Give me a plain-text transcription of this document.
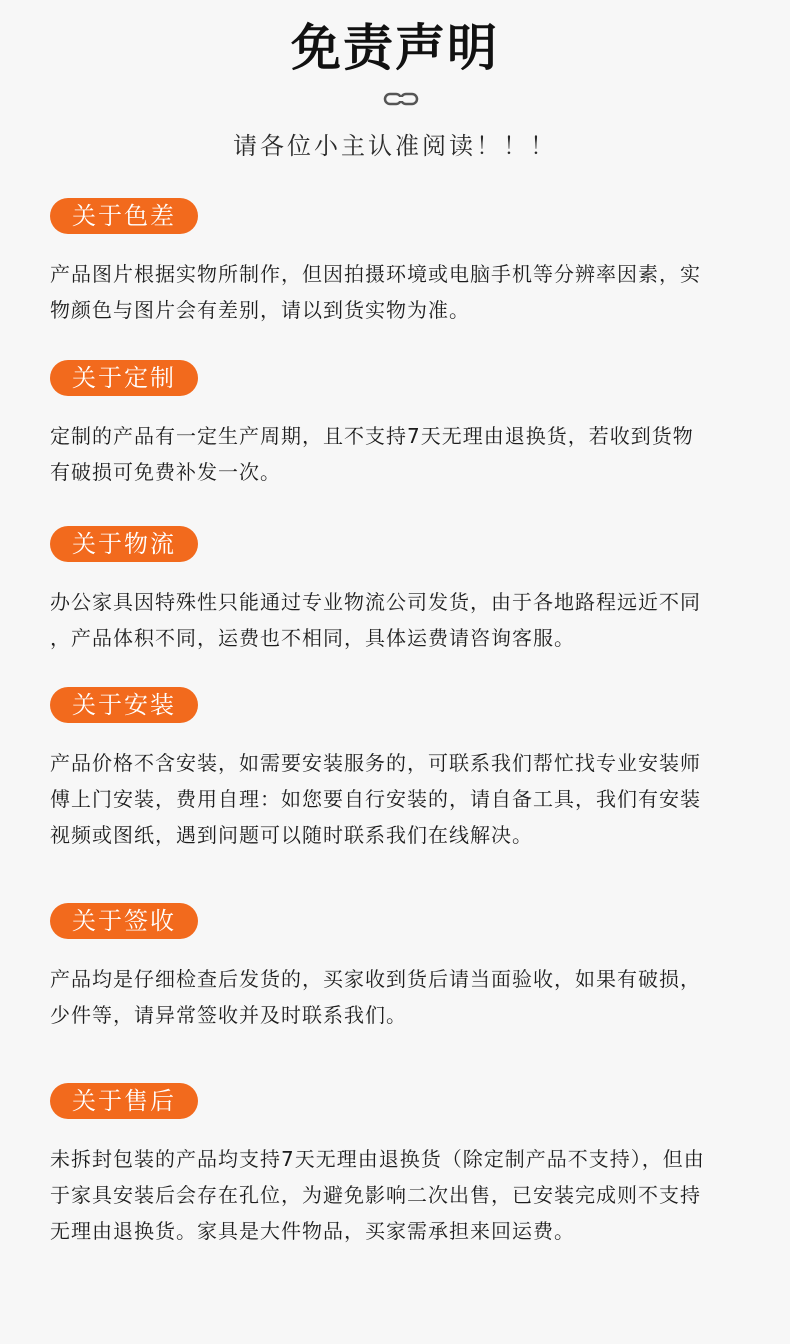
免责声明
请各位小主认准阅读！！！
关于色差

产品图片根据实物所制作，但因拍摄环境或电脑手机等分辨率因素，实
物颜色与图片会有差别，请以到货实物为准。

关于定制

定制的产品有一定生产周期，且不支持7天无理由退换货，若收到货物
有破损可免费补发一次。

关于物流

办公家具因特殊性只能通过专业物流公司发货，由于各地路程远近不同
，产品体积不同，运费也不相同，具体运费请咨询客服。

关于安装

产品价格不含安装，如需要安装服务的，可联系我们帮忙找专业安装师
傅上门安装，费用自理：如您要自行安装的，请自备工具，我们有安装
视频或图纸，遇到问题可以随时联系我们在线解决。

关于签收

产品均是仔细检查后发货的，买家收到货后请当面验收，如果有破损，
少件等，请异常签收并及时联系我们。

关于售后

未拆封包装的产品均支持7天无理由退换货（除定制产品不支持），但由
于家具安装后会存在孔位，为避免影响二次出售，已安装完成则不支持
无理由退换货。家具是大件物品，买家需承担来回运费。
